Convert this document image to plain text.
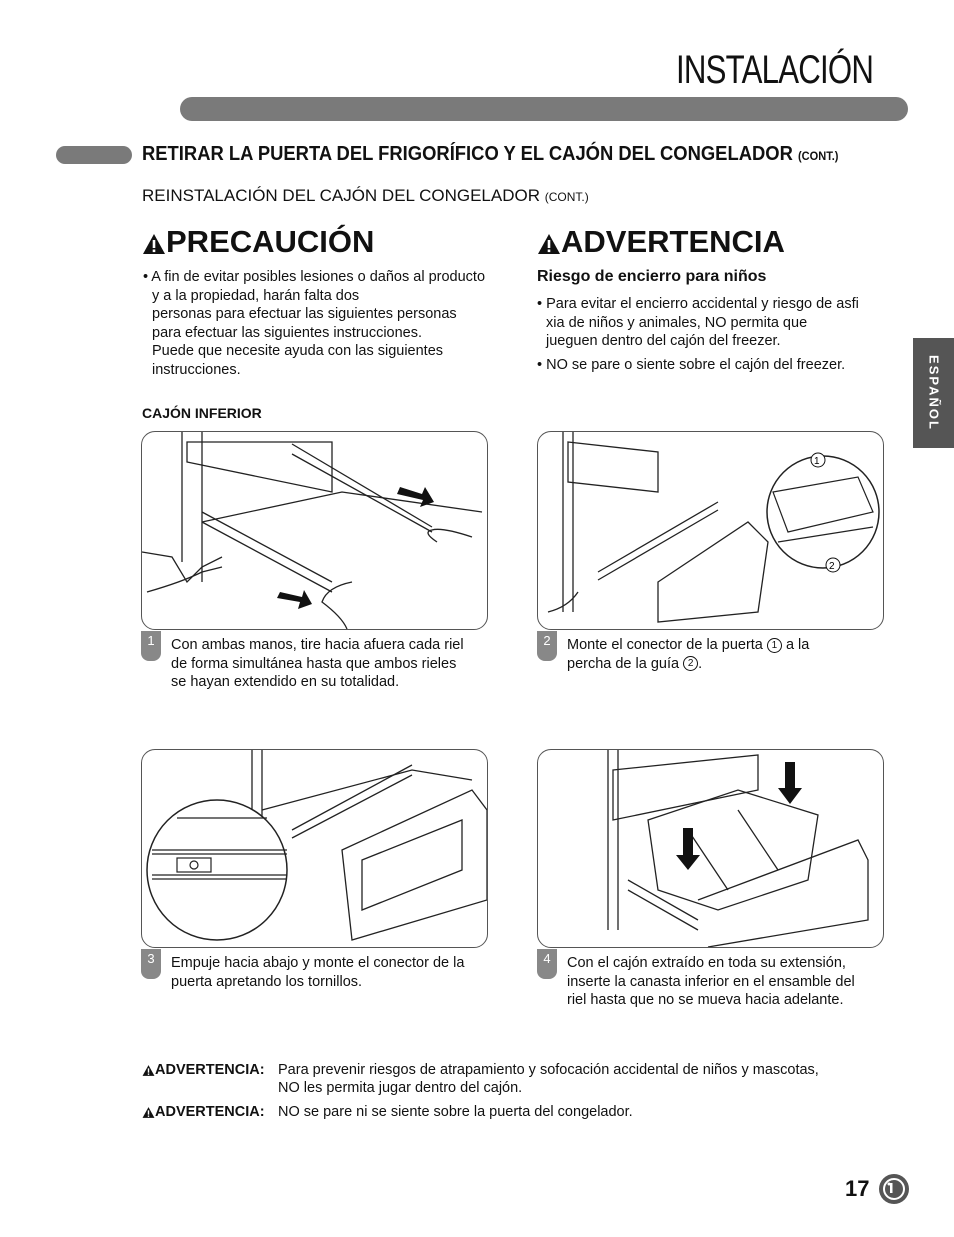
INSTALACIÓN
RETIRAR LA PUERTA DEL FRIGORÍFICO Y EL CAJÓN DEL CONGELADOR (CONT.)
REINSTALACIÓN DEL CAJÓN DEL CONGELADOR (CONT.)
PRECAUCIÓN
• A fin de evitar posibles lesiones o daños al producto
y a la propiedad, harán falta dos
personas para efectuar las siguientes personas
para efectuar las siguientes instrucciones.
Puede que necesite ayuda con las siguientes
instrucciones.
ADVERTENCIA
Riesgo de encierro para niños
• Para evitar el encierro accidental y riesgo de asfi
xia de niños y animales, NO permita que
jueguen dentro del cajón del freezer.
• NO se pare o siente sobre el cajón del freezer.	ESPAÑOL
CAJÓN INFERIOR
1	Con ambas manos, tire hacia afuera cada riel
de forma simultánea hasta que ambos rieles
se hayan extendido en su totalidad.
1
2
2	Monte el conector de la puerta 1 a la
percha de la guía 2 .
3	Empuje hacia abajo y monte el conector de la
puerta apretando los tornillos.
4	Con el cajón extraído en toda su extensión,
inserte la canasta inferior en el ensamble del
riel hasta que no se mueva hacia adelante.
ADVERTENCIA: Para prevenir riesgos de atrapamiento y sofocación accidental de niños y mascotas,
NO les permita jugar dentro del cajón.
ADVERTENCIA: NO se pare ni se siente sobre la puerta del congelador.
17
